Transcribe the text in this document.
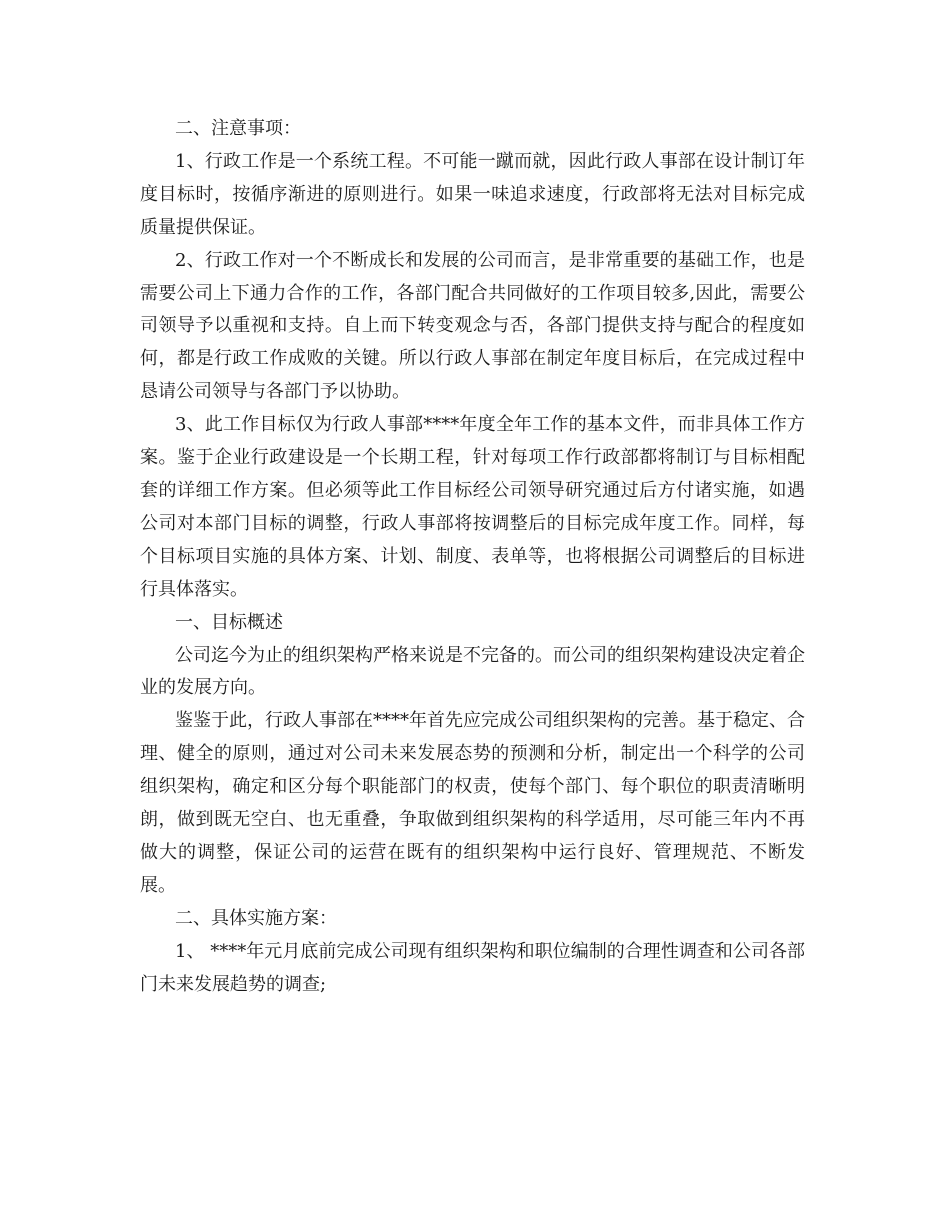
二、注意事项：

1、行政工作是一个系统工程。不可能一蹴而就，因此行政人事部在设计制订年度目标时，按循序渐进的原则进行。如果一味追求速度，行政部将无法对目标完成质量提供保证。

2、行政工作对一个不断成长和发展的公司而言，是非常重要的基础工作，也是需要公司上下通力合作的工作，各部门配合共同做好的工作项目较多,因此，需要公司领导予以重视和支持。自上而下转变观念与否，各部门提供支持与配合的程度如何，都是行政工作成败的关键。所以行政人事部在制定年度目标后，在完成过程中恳请公司领导与各部门予以协助。

3、此工作目标仅为行政人事部****年度全年工作的基本文件，而非具体工作方案。鉴于企业行政建设是一个长期工程，针对每项工作行政部都将制订与目标相配套的详细工作方案。但必须等此工作目标经公司领导研究通过后方付诸实施，如遇公司对本部门目标的调整，行政人事部将按调整后的目标完成年度工作。同样，每个目标项目实施的具体方案、计划、制度、表单等，也将根据公司调整后的目标进行具体落实。

一、目标概述

公司迄今为止的组织架构严格来说是不完备的。而公司的组织架构建设决定着企业的发展方向。

鉴鉴于此，行政人事部在****年首先应完成公司组织架构的完善。基于稳定、合理、健全的原则，通过对公司未来发展态势的预测和分析，制定出一个科学的公司组织架构，确定和区分每个职能部门的权责，使每个部门、每个职位的职责清晰明朗，做到既无空白、也无重叠，争取做到组织架构的科学适用，尽可能三年内不再做大的调整，保证公司的运营在既有的组织架构中运行良好、管理规范、不断发展。

二、具体实施方案：

1、 ****年元月底前完成公司现有组织架构和职位编制的合理性调查和公司各部门未来发展趋势的调查;
